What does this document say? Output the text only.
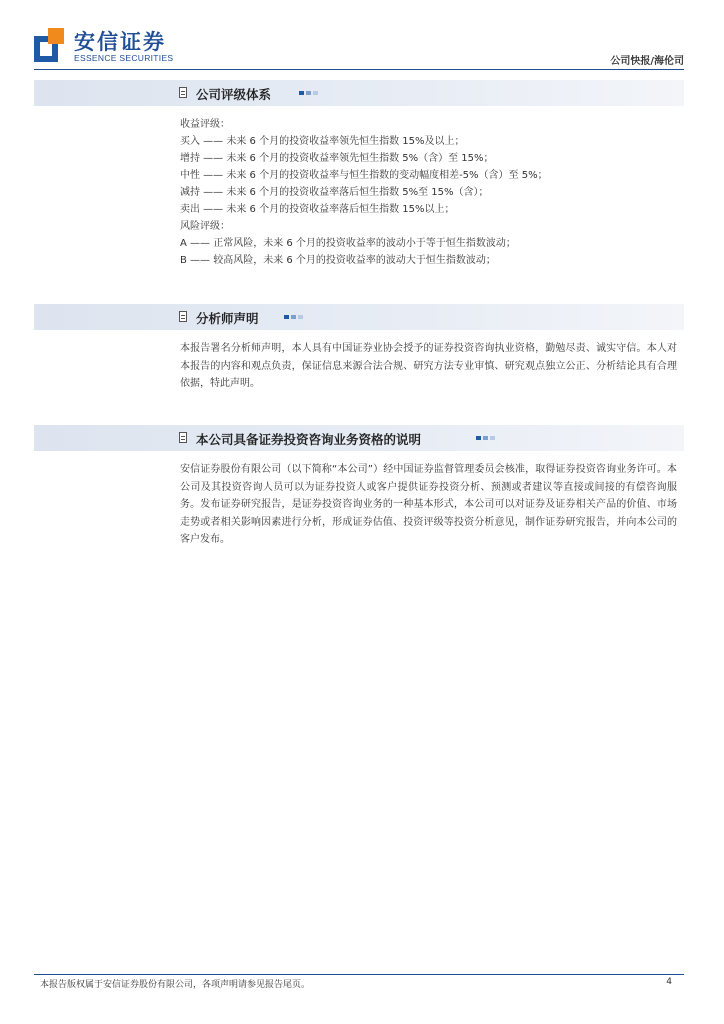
安信证券
ESSENCE SECURITIES	公司快报/海伦司
公司评级体系
收益评级：
买入 —— 未来 6 个月的投资收益率领先恒生指数 15%及以上；
增持 —— 未来 6 个月的投资收益率领先恒生指数 5%（含）至 15%；
中性 —— 未来 6 个月的投资收益率与恒生指数的变动幅度相差-5%（含）至 5%；
减持 —— 未来 6 个月的投资收益率落后恒生指数 5%至 15%（含）；
卖出 —— 未来 6 个月的投资收益率落后恒生指数 15%以上；
风险评级：
A —— 正常风险，未来 6 个月的投资收益率的波动小于等于恒生指数波动；
B —— 较高风险，未来 6 个月的投资收益率的波动大于恒生指数波动；
分析师声明
本报告署名分析师声明，本人具有中国证券业协会授予的证券投资咨询执业资格，勤勉尽责、诚实守信。本人对本报告的内容和观点负责，保证信息来源合法合规、研究方法专业审慎、研究观点独立公正、分析结论具有合理依据，特此声明。
本公司具备证券投资咨询业务资格的说明
安信证券股份有限公司（以下简称“本公司”）经中国证券监督管理委员会核准，取得证券投资咨询业务许可。本公司及其投资咨询人员可以为证券投资人或客户提供证券投资分析、预测或者建议等直接或间接的有偿咨询服务。发布证券研究报告，是证券投资咨询业务的一种基本形式，本公司可以对证券及证券相关产品的价值、市场走势或者相关影响因素进行分析，形成证券估值、投资评级等投资分析意见，制作证券研究报告，并向本公司的客户发布。
本报告版权属于安信证券股份有限公司，各项声明请参见报告尾页。	4
